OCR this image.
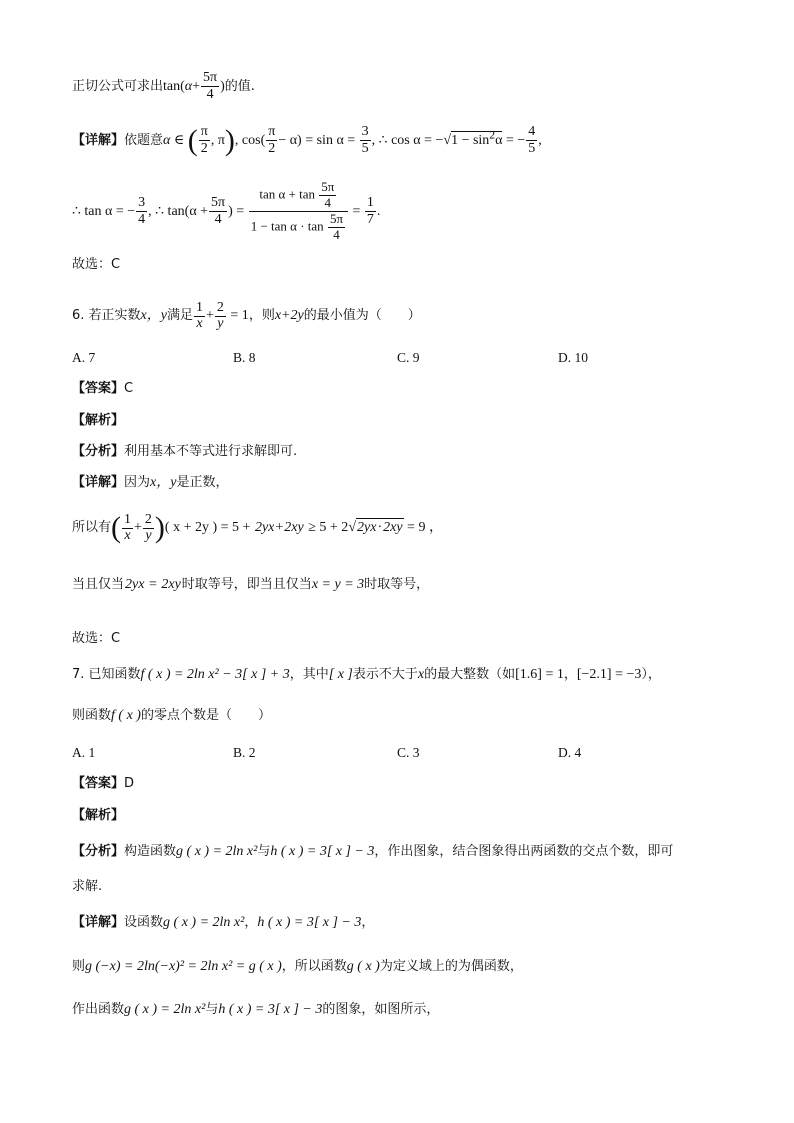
正切公式可求出$\tan(\alpha+ \frac{5\pi}{4}$ )的值.
【详解】依题意α ∈ ( $\frac{\pi}{2}$ , π), $\cos( \frac{\pi}{2} - \alpha) = \sin \alpha = \frac{3}{5}$ , ∴ $\cos \alpha = -√1 - \sin^2\alpha$ = − $\frac{4}{5}$ ,
∴ tan α = − $\frac{3}{4}$ , ∴ $\tan(\alpha + \frac{5\pi}{4}$ ) = $\frac{\tan \alpha + \tan \frac{5\pi}{4}}{1 - \tan \alpha \cdot \tan \frac{5\pi}{4}} = \frac{1}{7}$ .
故选：C
6. 若正实数x，y满足 $\frac{1}{x}+ \frac{2}{y} = 1$，则x+2y的最小值为（　　）
A. 7	B. 8	C. 9	D. 10
【答案】C
【解析】
【分析】利用基本不等式进行求解即可.
【详解】因为x，y是正数，
所以有( $\frac{1}{x}+ \frac{2}{y}$)( x + 2y ) = 5 + 2yx+2xy ≥ 5 + 2√2yx·2xy = 9 ，
当且仅当2yx = 2xy时取等号，即当且仅当x = y = 3时取等号，
故选：C
7. 已知函数f ( x ) = 2ln x² − 3[ x ] + 3，其中[ x ]表示不大于x的最大整数（如[1.6] = 1，[−2.1] = −3），
则函数f ( x )的零点个数是（　　）
A. 1	B. 2	C. 3	D. 4
【答案】D
【解析】
【分析】构造函数g ( x ) = 2ln x²与h ( x ) = 3[ x ] − 3，作出图象，结合图象得出两函数的交点个数，即可
求解.
【详解】设函数g ( x ) = 2ln x²，h ( x ) = 3[ x ] − 3，
则g (−x) = 2ln(−x)² = 2ln x² = g ( x )，所以函数g ( x )为定义域上的为偶函数，
作出函数g ( x ) = 2ln x²与h ( x ) = 3[ x ] − 3的图象，如图所示，
